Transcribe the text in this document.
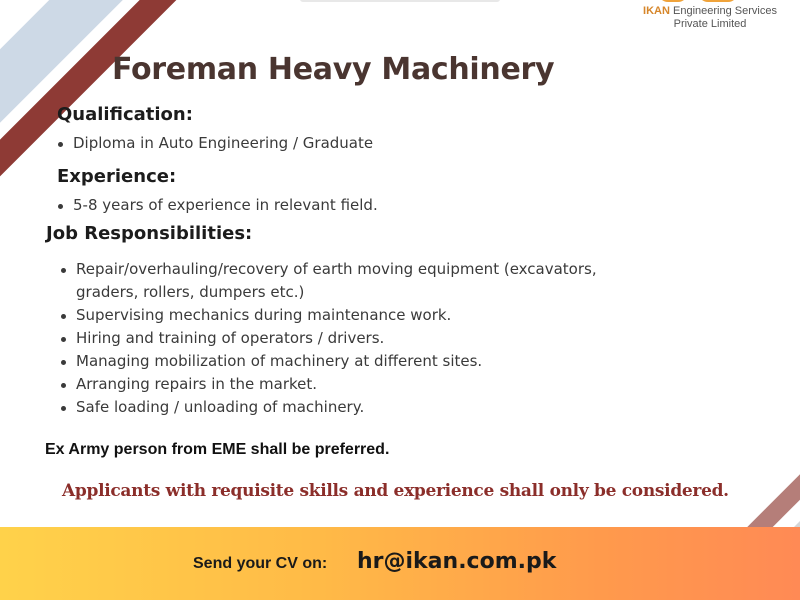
IKAN Engineering Services
Private Limited
Foreman Heavy Machinery
Qualification:
Diploma in Auto Engineering / Graduate
Experience:
5-8 years of experience in relevant field.
Job Responsibilities:
Repair/overhauling/recovery of earth moving equipment (excavators, graders, rollers, dumpers etc.)
Supervising mechanics during maintenance work.
Hiring and training of operators / drivers.
Managing mobilization of machinery at different sites.
Arranging repairs in the market.
Safe loading / unloading of machinery.

Ex Army person from EME shall be preferred.

Applicants with requisite skills and experience shall only be considered.

Send your CV on: hr@ikan.com.pk
